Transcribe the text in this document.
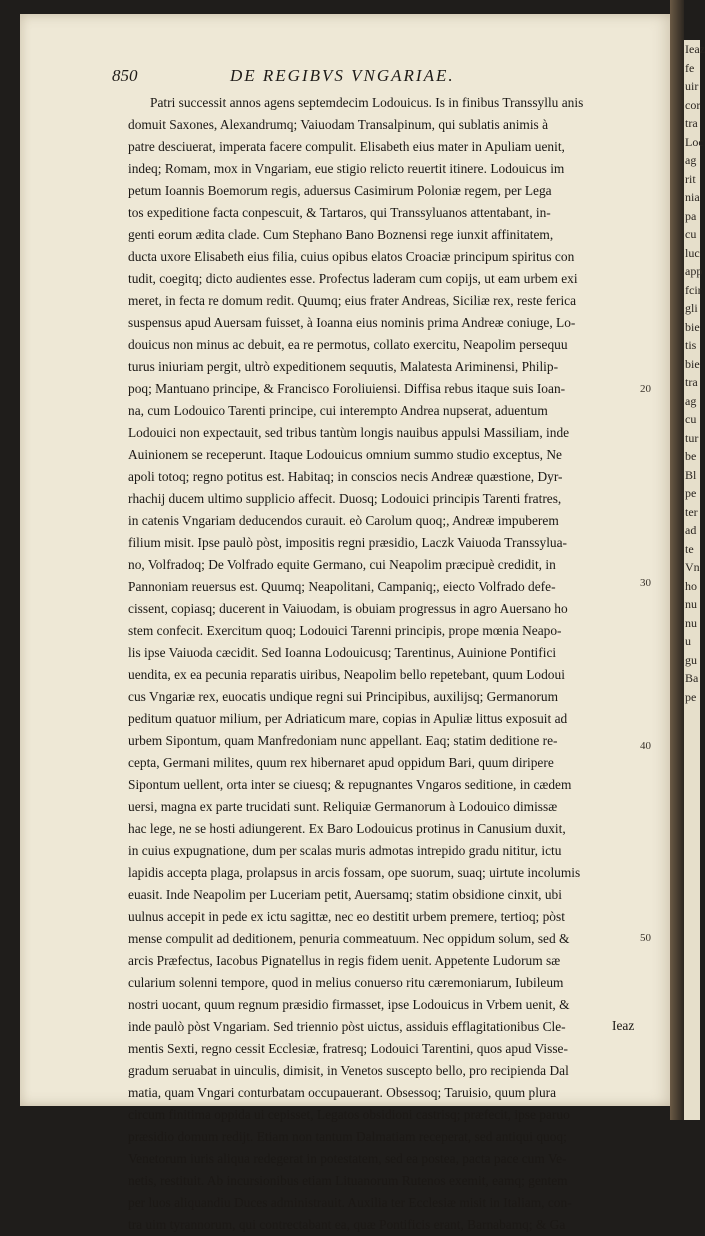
850	DE REGIBVS VNGARIAE.
Patri successit annos agens septemdecim Lodouicus. Is in finibus Transsyllu anis
domuit Saxones, Alexandrumq; Vaiuodam Transalpinum, qui sublatis animis à
patre desciuerat, imperata facere compulit. Elisabeth eius mater in Apuliam uenit,
indeq; Romam, mox in Vngariam, eue stigio relicto reuertit itinere. Lodouicus im
petum Ioannis Boemorum regis, aduersus Casimirum Poloniæ regem, per Lega
tos expeditione facta conpescuit, & Tartaros, qui Transsyluanos attentabant, in-
genti eorum ædita clade. Cum Stephano Bano Boznensi rege iunxit affinitatem,
ducta uxore Elisabeth eius filia, cuius opibus elatos Croaciæ principum spiritus con
tudit, coegitq; dicto audientes esse. Profectus laderam cum copijs, ut eam urbem exi
meret, in fecta re domum redit. Quumq; eius frater Andreas, Siciliæ rex, reste ferica
suspensus apud Auersam fuisset, à Ioanna eius nominis prima Andreæ coniuge, Lo-
douicus non minus ac debuit, ea re permotus, collato exercitu, Neapolim persequu
turus iniuriam pergit, ultrò expeditionem sequutis, Malatesta Ariminensi, Philip-
poq; Mantuano principe, & Francisco Foroliuiensi. Diffisa rebus itaque suis Ioan-
na, cum Lodouico Tarenti principe, cui interempto Andrea nupserat, aduentum
Lodouici non expectauit, sed tribus tantùm longis nauibus appulsi Massiliam, inde
Auinionem se receperunt. Itaque Lodouicus omnium summo studio exceptus, Ne
apoli totoq; regno potitus est. Habitaq; in conscios necis Andreæ quæstione, Dyr-
rhachij ducem ultimo supplicio affecit. Duosq; Lodouici principis Tarenti fratres,
in catenis Vngariam deducendos curauit. eò Carolum quoq;, Andreæ impuberem
filium misit. Ipse paulò pòst, impositis regni præsidio, Laczk Vaiuoda Transsylua-
no, Volfradoq; De Volfrado equite Germano, cui Neapolim præcipuè credidit, in
Pannoniam reuersus est. Quumq; Neapolitani, Campaniq;, eiecto Volfrado defe-
cissent, copiasq; ducerent in Vaiuodam, is obuiam progressus in agro Auersano ho
stem confecit. Exercitum quoq; Lodouici Tarenni principis, prope mœnia Neapo-
lis ipse Vaiuoda cæcidit. Sed Ioanna Lodouicusq; Tarentinus, Auinione Pontifici
uendita, ex ea pecunia reparatis uiribus, Neapolim bello repetebant, quum Lodoui
cus Vngariæ rex, euocatis undique regni sui Principibus, auxilijsq; Germanorum
peditum quatuor milium, per Adriaticum mare, copias in Apuliæ littus exposuit ad
urbem Sipontum, quam Manfredoniam nunc appellant. Eaq; statim deditione re-
cepta, Germani milites, quum rex hibernaret apud oppidum Bari, quum diripere
Sipontum uellent, orta inter se ciuesq; & repugnantes Vngaros seditione, in cædem
uersi, magna ex parte trucidati sunt. Reliquiæ Germanorum à Lodouico dimissæ
hac lege, ne se hosti adiungerent. Ex Baro Lodouicus protinus in Canusium duxit,
in cuius expugnatione, dum per scalas muris admotas intrepido gradu nititur, ictu
lapidis accepta plaga, prolapsus in arcis fossam, ope suorum, suaq; uirtute incolumis
euasit. Inde Neapolim per Luceriam petit, Auersamq; statim obsidione cinxit, ubi
uulnus accepit in pede ex ictu sagittæ, nec eo destitit urbem premere, tertioq; pòst
mense compulit ad deditionem, penuria commeatuum. Nec oppidum solum, sed &
arcis Præfectus, Iacobus Pignatellus in regis fidem uenit. Appetente Ludorum sæ
cularium solenni tempore, quod in melius conuerso ritu cæremoniarum, Iubileum
nostri uocant, quum regnum præsidio firmasset, ipse Lodouicus in Vrbem uenit, &
inde paulò pòst Vngariam. Sed triennio pòst uictus, assiduis efflagitationibus Cle-
mentis Sexti, regno cessit Ecclesiæ, fratresq; Lodouici Tarentini, quos apud Visse-
gradum seruabat in uinculis, dimisit, in Venetos suscepto bello, pro recipienda Dal
matia, quam Vngari conturbatam occupauerant. Obsessoq; Taruisio, quum plura
circum finitima oppida ui cepisset, Legatos obsidioni castrisq; præfecit, ipse paruo
præsidio domum redijt. Etiam non tantum Dalmatiam receperat, sed antiqui quoq;
Venetorum iuris aliqua redegerat in potestatem, sed ea postea, pacta pace cum Ve-
netis, restituit. Ab incursionibus etiam Lituanorum Rutenos exemit, eamq; gentem
per luos aliquandiu Duces administrauit. Auxilia ter Ecclesiæ misit in Italiam, con-
tra uim tyrannorum, qui contrectabant ea, quæ Pontificis erant, Barnabamq; & Ga
Ieaz
20
30
40
50
Ieaz
fe
uir
cor
tra
Loc
ag
rit
nia
pa
cu
luc
app
fcir
gli
bie
tis
bie
tra
ag
cu
tur
be
Bl
pe
ter
ad
te
Vn
ho
nu
nu
u
gu
Ba
pe
